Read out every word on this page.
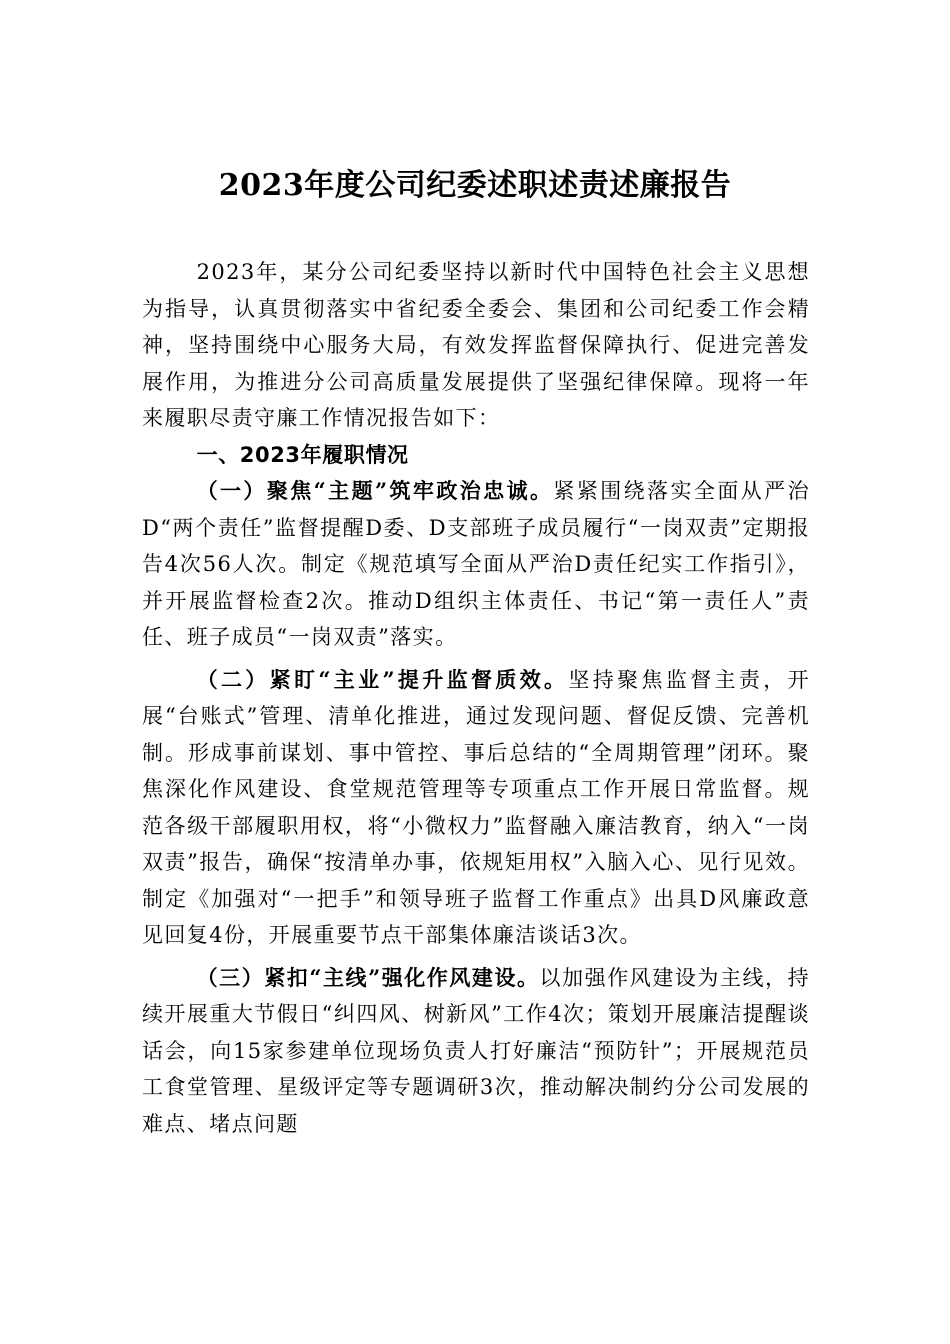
2023年度公司纪委述职述责述廉报告

2023年，某分公司纪委坚持以新时代中国特色社会主义思想为指导，认真贯彻落实中省纪委全委会、集团和公司纪委工作会精神，坚持围绕中心服务大局，有效发挥监督保障执行、促进完善发展作用，为推进分公司高质量发展提供了坚强纪律保障。现将一年来履职尽责守廉工作情况报告如下：

一、2023年履职情况

（一）聚焦“主题”筑牢政治忠诚。紧紧围绕落实全面从严治D“两个责任”监督提醒D委、D支部班子成员履行“一岗双责”定期报告4次56人次。制定《规范填写全面从严治D责任纪实工作指引》，并开展监督检查2次。推动D组织主体责任、书记“第一责任人”责任、班子成员“一岗双责”落实。

（二）紧盯“主业”提升监督质效。坚持聚焦监督主责，开展“台账式”管理、清单化推进，通过发现问题、督促反馈、完善机制。形成事前谋划、事中管控、事后总结的“全周期管理”闭环。聚焦深化作风建设、食堂规范管理等专项重点工作开展日常监督。规范各级干部履职用权，将“小微权力”监督融入廉洁教育，纳入“一岗双责”报告，确保“按清单办事，依规矩用权”入脑入心、见行见效。制定《加强对“一把手”和领导班子监督工作重点》出具D风廉政意见回复4份，开展重要节点干部集体廉洁谈话3次。

（三）紧扣“主线”强化作风建设。以加强作风建设为主线，持续开展重大节假日“纠四风、树新风”工作4次；策划开展廉洁提醒谈话会，向15家参建单位现场负责人打好廉洁“预防针”；开展规范员工食堂管理、星级评定等专题调研3次，推动解决制约分公司发展的难点、堵点问题
